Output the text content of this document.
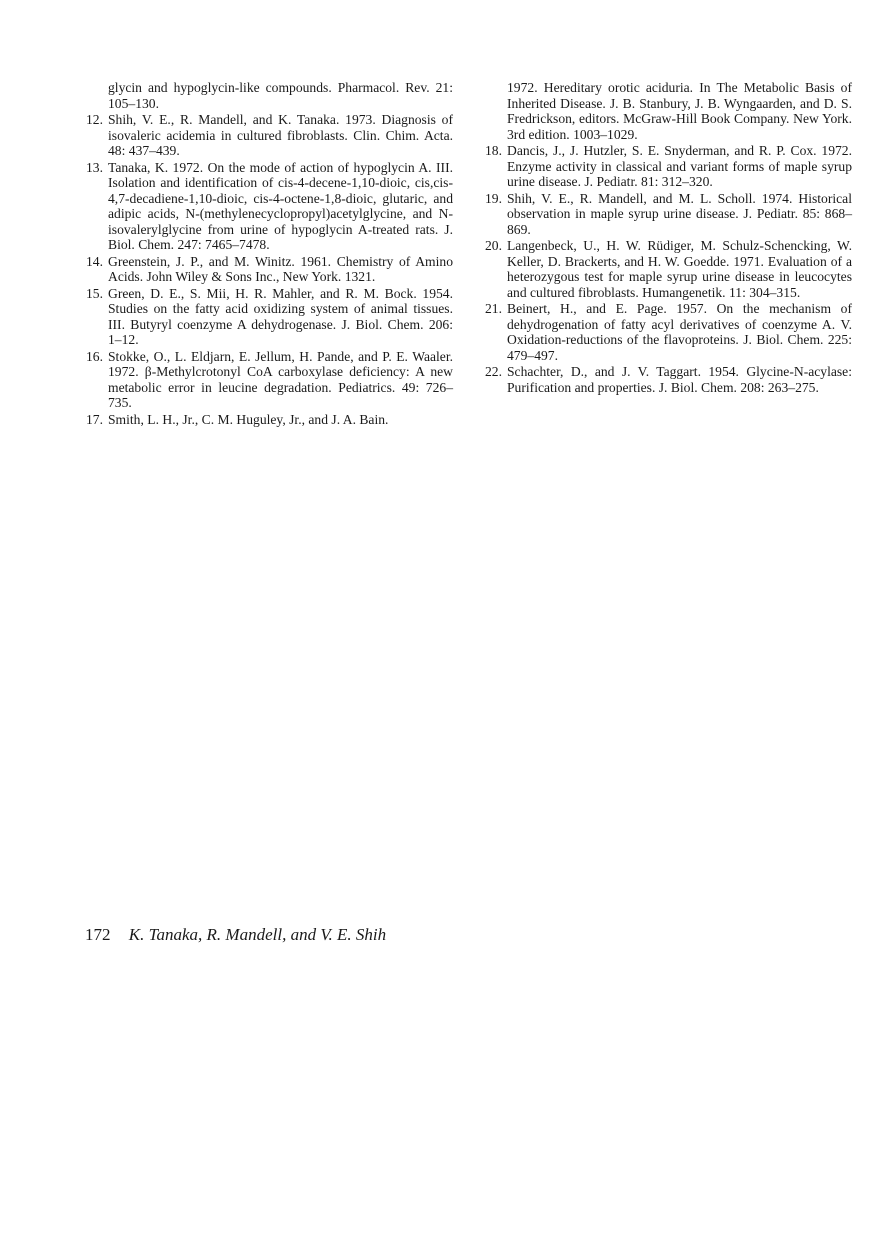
glycin and hypoglycin-like compounds. Pharmacol. Rev. 21: 105–130.
12. Shih, V. E., R. Mandell, and K. Tanaka. 1973. Diagnosis of isovaleric acidemia in cultured fibroblasts. Clin. Chim. Acta. 48: 437–439.
13. Tanaka, K. 1972. On the mode of action of hypoglycin A. III. Isolation and identification of cis-4-decene-1,10-dioic, cis,cis-4,7-decadiene-1,10-dioic, cis-4-octene-1,8-dioic, glutaric, and adipic acids, N-(methylenecyclopropyl)acetylglycine, and N-isovalerylglycine from urine of hypoglycin A-treated rats. J. Biol. Chem. 247: 7465–7478.
14. Greenstein, J. P., and M. Winitz. 1961. Chemistry of Amino Acids. John Wiley & Sons Inc., New York. 1321.
15. Green, D. E., S. Mii, H. R. Mahler, and R. M. Bock. 1954. Studies on the fatty acid oxidizing system of animal tissues. III. Butyryl coenzyme A dehydrogenase. J. Biol. Chem. 206: 1–12.
16. Stokke, O., L. Eldjarn, E. Jellum, H. Pande, and P. E. Waaler. 1972. β-Methylcrotonyl CoA carboxylase deficiency: A new metabolic error in leucine degradation. Pediatrics. 49: 726–735.
17. Smith, L. H., Jr., C. M. Huguley, Jr., and J. A. Bain.
1972. Hereditary orotic aciduria. In The Metabolic Basis of Inherited Disease. J. B. Stanbury, J. B. Wyngaarden, and D. S. Fredrickson, editors. McGraw-Hill Book Company. New York. 3rd edition. 1003–1029.
18. Dancis, J., J. Hutzler, S. E. Snyderman, and R. P. Cox. 1972. Enzyme activity in classical and variant forms of maple syrup urine disease. J. Pediatr. 81: 312–320.
19. Shih, V. E., R. Mandell, and M. L. Scholl. 1974. Historical observation in maple syrup urine disease. J. Pediatr. 85: 868–869.
20. Langenbeck, U., H. W. Rüdiger, M. Schulz-Schencking, W. Keller, D. Brackerts, and H. W. Goedde. 1971. Evaluation of a heterozygous test for maple syrup urine disease in leucocytes and cultured fibroblasts. Humangenetik. 11: 304–315.
21. Beinert, H., and E. Page. 1957. On the mechanism of dehydrogenation of fatty acyl derivatives of coenzyme A. V. Oxidation-reductions of the flavoproteins. J. Biol. Chem. 225: 479–497.
22. Schachter, D., and J. V. Taggart. 1954. Glycine-N-acylase: Purification and properties. J. Biol. Chem. 208: 263–275.
172 K. Tanaka, R. Mandell, and V. E. Shih
